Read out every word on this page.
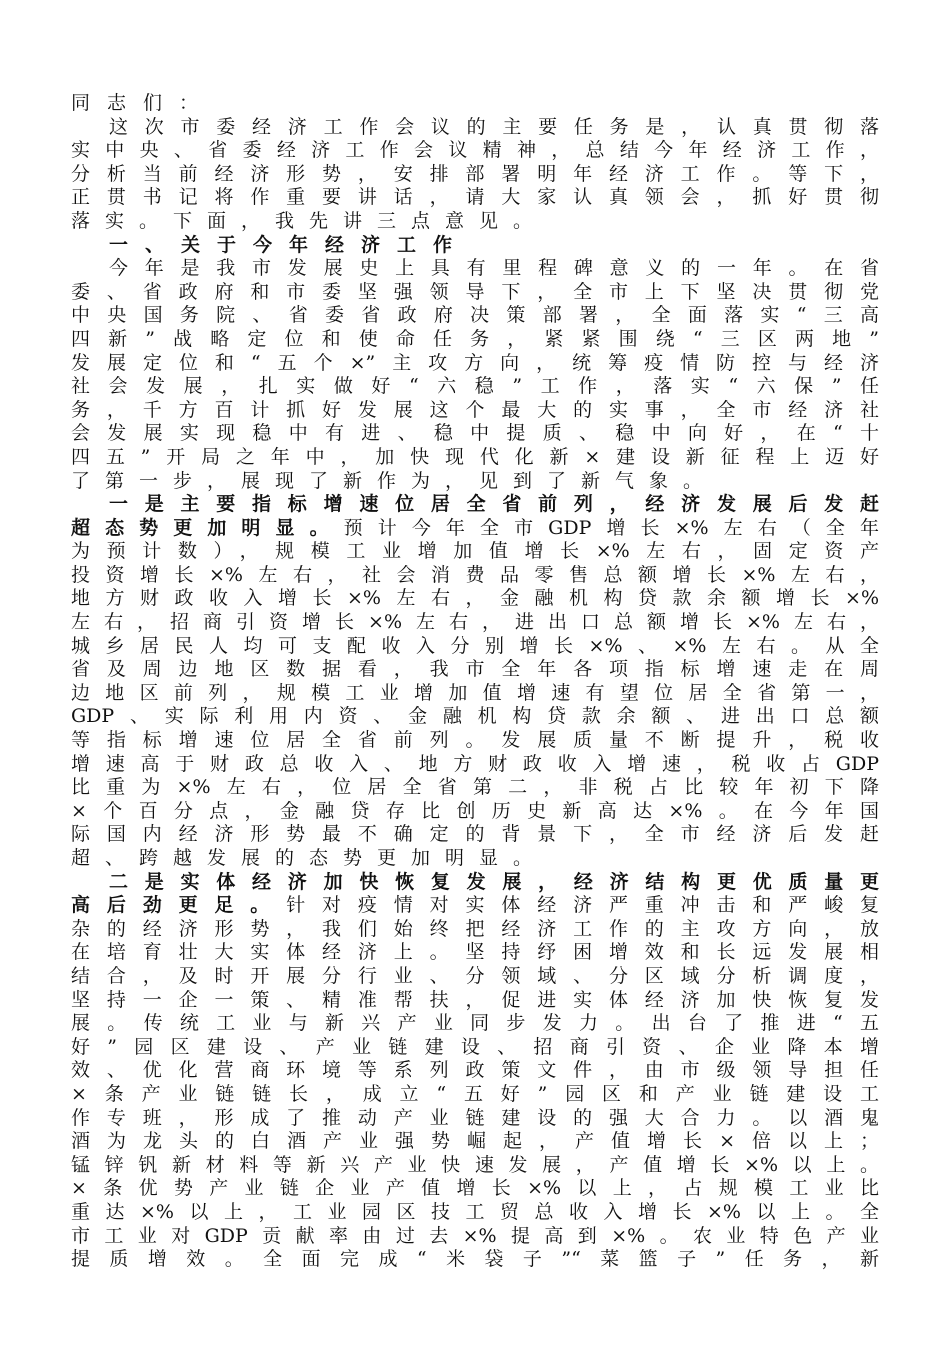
同志们：
这次市委经济工作会议的主要任务是，认真贯彻落
实中央、省委经济工作会议精神，总结今年经济工作，
分析当前经济形势，安排部署明年经济工作。等下，
正贯书记将作重要讲话，请大家认真领会，抓好贯彻
落实。下面，我先讲三点意见。
一、关于今年经济工作
今年是我市发展史上具有里程碑意义的一年。在省
委、省政府和市委坚强领导下，全市上下坚决贯彻党
中央国务院、省委省政府决策部署，全面落实“三高
四新”战略定位和使命任务，紧紧围绕“三区两地”
发展定位和“五个×”主攻方向，统筹疫情防控与经济
社会发展，扎实做好“六稳”工作，落实“六保”任
务，千方百计抓好发展这个最大的实事，全市经济社
会发展实现稳中有进、稳中提质、稳中向好，在“十
四五”开局之年中，加快现代化新×建设新征程上迈好
了第一步，展现了新作为，见到了新气象。
一是主要指标增速位居全省前列，经济发展后发赶
超态势更加明显。预计今年全市GDP增长×%左右（全年
为预计数），规模工业增加值增长×%左右，固定资产
投资增长×%左右，社会消费品零售总额增长×%左右，
地方财政收入增长×%左右，金融机构贷款余额增长×%
左右，招商引资增长×%左右，进出口总额增长×%左右，
城乡居民人均可支配收入分别增长×%、×%左右。从全
省及周边地区数据看，我市全年各项指标增速走在周
边地区前列，规模工业增加值增速有望位居全省第一，
GDP、实际利用内资、金融机构贷款余额、进出口总额
等指标增速位居全省前列。发展质量不断提升，税收
增速高于财政总收入、地方财政收入增速，税收占GDP
比重为×%左右，位居全省第二，非税占比较年初下降
×个百分点，金融贷存比创历史新高达×%。在今年国
际国内经济形势最不确定的背景下，全市经济后发赶
超、跨越发展的态势更加明显。
二是实体经济加快恢复发展，经济结构更优质量更
高后劲更足。针对疫情对实体经济严重冲击和严峻复
杂的经济形势，我们始终把经济工作的主攻方向，放
在培育壮大实体经济上。坚持纾困增效和长远发展相
结合，及时开展分行业、分领域、分区域分析调度，
坚持一企一策、精准帮扶，促进实体经济加快恢复发
展。传统工业与新兴产业同步发力。出台了推进“五
好”园区建设、产业链建设、招商引资、企业降本增
效、优化营商环境等系列政策文件，由市级领导担任
×条产业链链长，成立“五好”园区和产业链建设工
作专班，形成了推动产业链建设的强大合力。以酒鬼
酒为龙头的白酒产业强势崛起，产值增长×倍以上；
锰锌钒新材料等新兴产业快速发展，产值增长×%以上。
×条优势产业链企业产值增长×%以上，占规模工业比
重达×%以上，工业园区技工贸总收入增长×%以上。全
市工业对GDP贡献率由过去×%提高到×%。农业特色产业
提质增效。全面完成“米袋子”“菜篮子”任务，新
